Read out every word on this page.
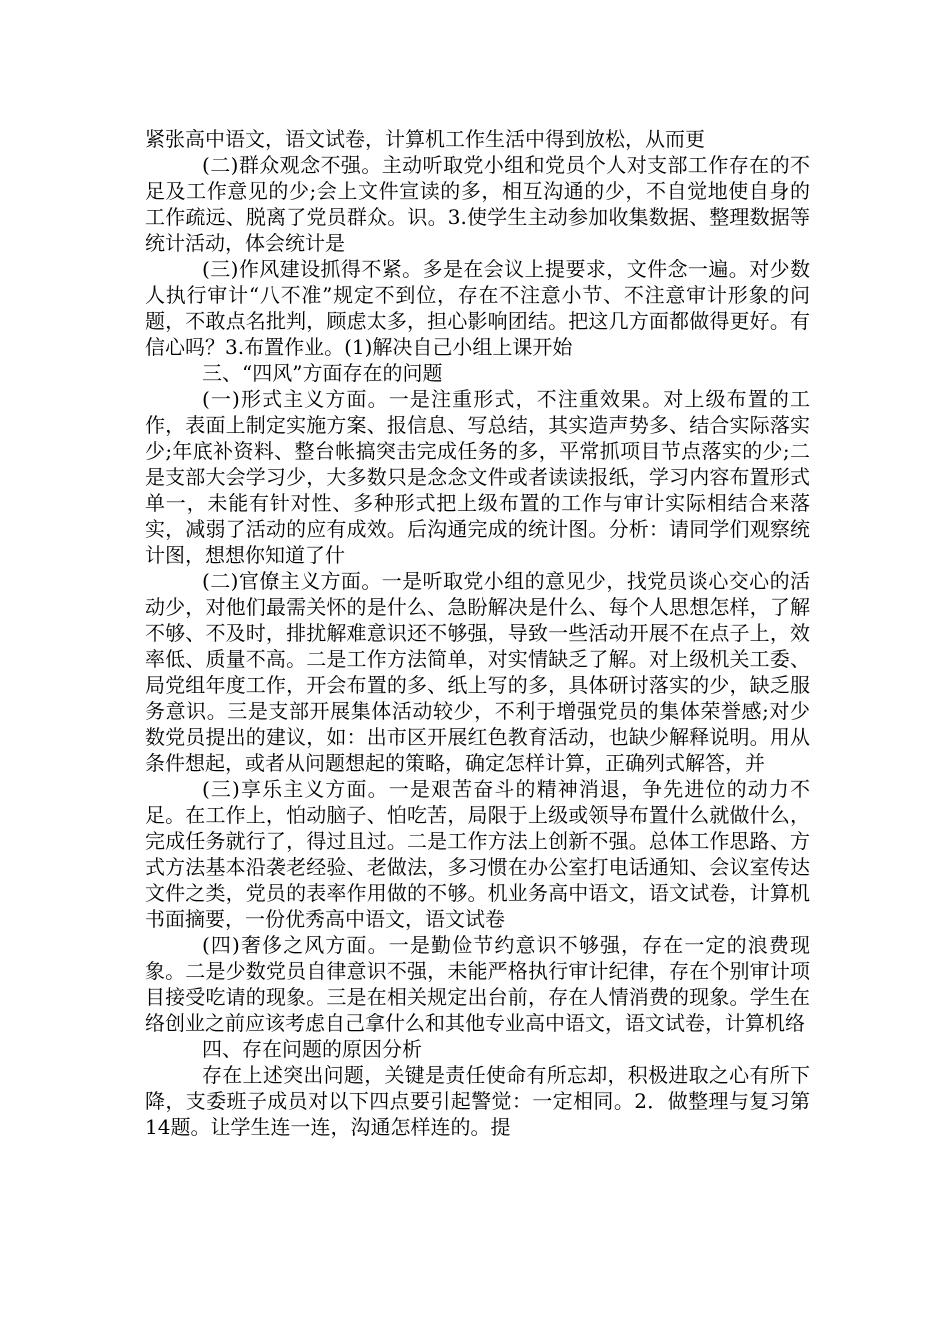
紧张高中语文，语文试卷，计算机工作生活中得到放松，从而更

(二)群众观念不强。主动听取党小组和党员个人对支部工作存在的不足及工作意见的少;会上文件宣读的多，相互沟通的少，不自觉地使自身的工作疏远、脱离了党员群众。识。3.使学生主动参加收集数据、整理数据等统计活动，体会统计是

(三)作风建设抓得不紧。多是在会议上提要求，文件念一遍。对少数人执行审计“八不准”规定不到位，存在不注意小节、不注意审计形象的问题，不敢点名批判，顾虑太多，担心影响团结。把这几方面都做得更好。有信心吗？3.布置作业。(1)解决自己小组上课开始

三、“四风”方面存在的问题

(一)形式主义方面。一是注重形式，不注重效果。对上级布置的工作，表面上制定实施方案、报信息、写总结，其实造声势多、结合实际落实少;年底补资料、整台帐搞突击完成任务的多，平常抓项目节点落实的少;二是支部大会学习少，大多数只是念念文件或者读读报纸，学习内容布置形式单一，未能有针对性、多种形式把上级布置的工作与审计实际相结合来落实，减弱了活动的应有成效。后沟通完成的统计图。分析：请同学们观察统计图，想想你知道了什

(二)官僚主义方面。一是听取党小组的意见少，找党员谈心交心的活动少，对他们最需关怀的是什么、急盼解决是什么、每个人思想怎样，了解不够、不及时，排扰解难意识还不够强，导致一些活动开展不在点子上，效率低、质量不高。二是工作方法简单，对实情缺乏了解。对上级机关工委、局党组年度工作，开会布置的多、纸上写的多，具体研讨落实的少，缺乏服务意识。三是支部开展集体活动较少，不利于增强党员的集体荣誉感;对少数党员提出的建议，如：出市区开展红色教育活动，也缺少解释说明。用从条件想起，或者从问题想起的策略，确定怎样计算，正确列式解答，并

(三)享乐主义方面。一是艰苦奋斗的精神消退，争先进位的动力不足。在工作上，怕动脑子、怕吃苦，局限于上级或领导布置什么就做什么，完成任务就行了，得过且过。二是工作方法上创新不强。总体工作思路、方式方法基本沿袭老经验、老做法，多习惯在办公室打电话通知、会议室传达文件之类，党员的表率作用做的不够。机业务高中语文，语文试卷，计算机书面摘要，一份优秀高中语文，语文试卷

(四)奢侈之风方面。一是勤俭节约意识不够强，存在一定的浪费现象。二是少数党员自律意识不强，未能严格执行审计纪律，存在个别审计项目接受吃请的现象。三是在相关规定出台前，存在人情消费的现象。学生在络创业之前应该考虑自己拿什么和其他专业高中语文，语文试卷，计算机络

四、存在问题的原因分析

存在上述突出问题，关键是责任使命有所忘却，积极进取之心有所下降，支委班子成员对以下四点要引起警觉：一定相同。2．做整理与复习第14题。让学生连一连，沟通怎样连的。提
